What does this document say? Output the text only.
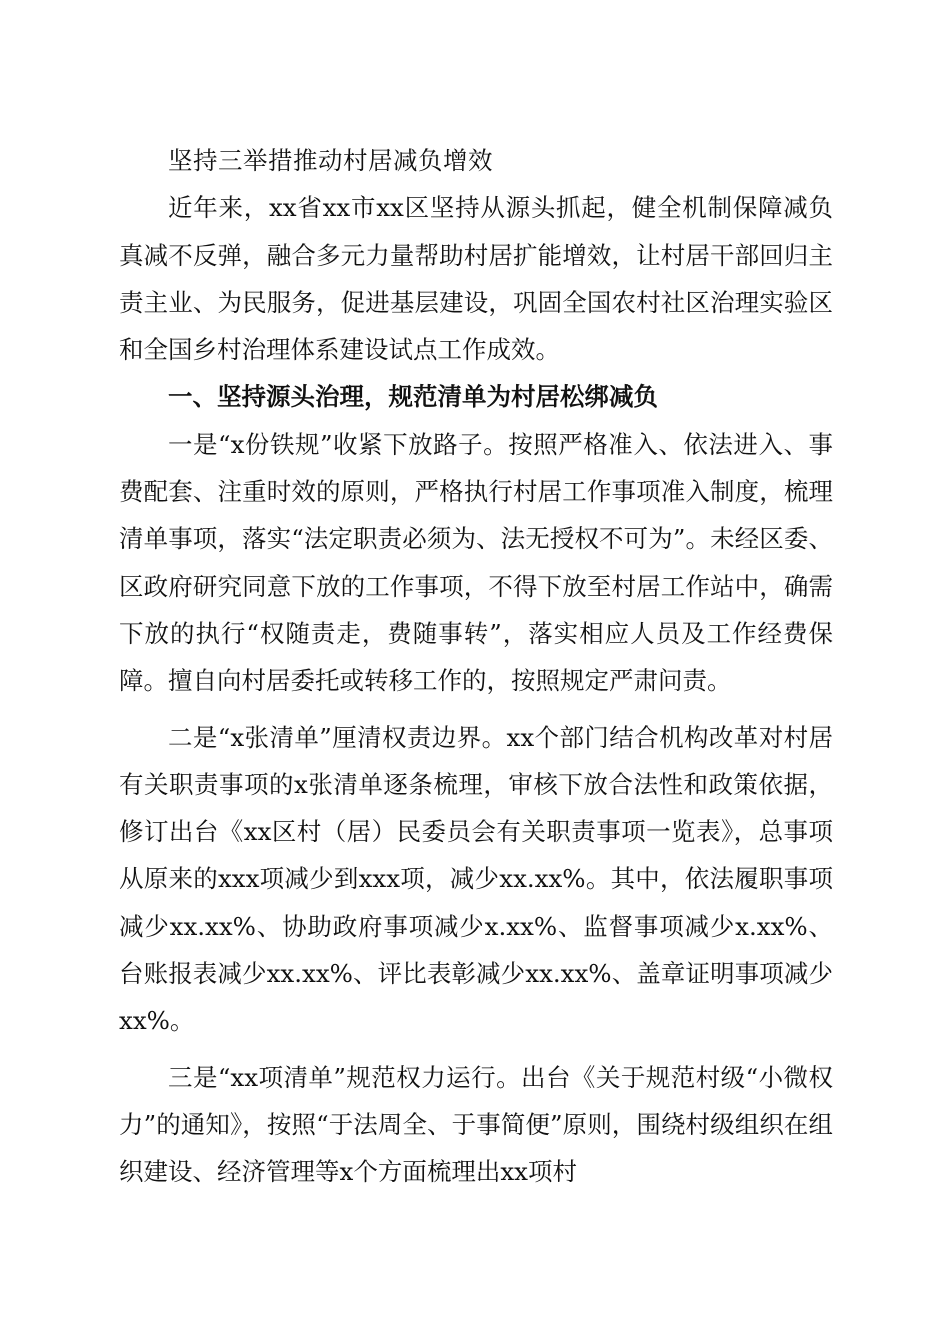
坚持三举措推动村居减负增效

近年来，xx省xx市xx区坚持从源头抓起，健全机制保障减负真减不反弹，融合多元力量帮助村居扩能增效，让村居干部回归主责主业、为民服务，促进基层建设，巩固全国农村社区治理实验区和全国乡村治理体系建设试点工作成效。

一、坚持源头治理，规范清单为村居松绑减负

一是“x份铁规”收紧下放路子。按照严格准入、依法进入、事费配套、注重时效的原则，严格执行村居工作事项准入制度，梳理清单事项，落实“法定职责必须为、法无授权不可为”。未经区委、区政府研究同意下放的工作事项，不得下放至村居工作站中，确需下放的执行“权随责走，费随事转”，落实相应人员及工作经费保障。擅自向村居委托或转移工作的，按照规定严肃问责。

二是“x张清单”厘清权责边界。xx个部门结合机构改革对村居有关职责事项的x张清单逐条梳理，审核下放合法性和政策依据，修订出台《xx区村（居）民委员会有关职责事项一览表》，总事项从原来的xxx项减少到xxx项，减少xx.xx%。其中，依法履职事项减少xx.xx%、协助政府事项减少x.xx%、监督事项减少x.xx%、台账报表减少xx.xx%、评比表彰减少xx.xx%、盖章证明事项减少xx%。

三是“xx项清单”规范权力运行。出台《关于规范村级“小微权力”的通知》，按照“于法周全、于事简便”原则，围绕村级组织在组织建设、经济管理等x个方面梳理出xx项村
